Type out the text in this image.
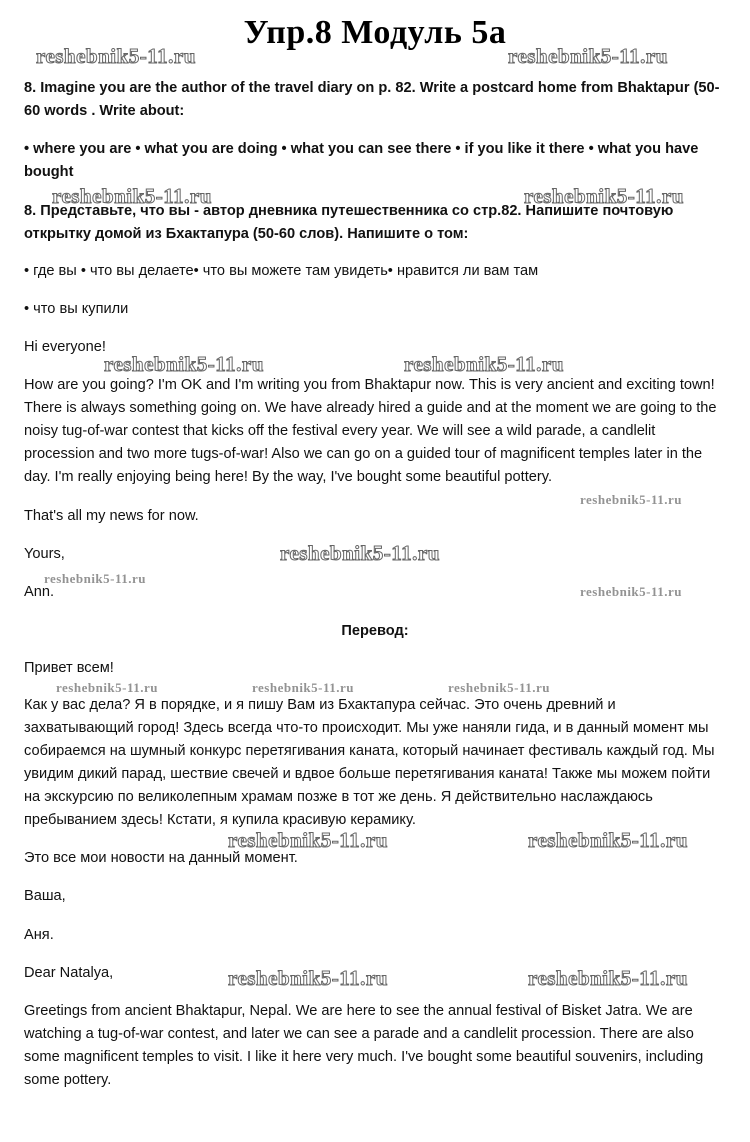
Упр.8 Модуль 5а
reshebnik5-11.ru	reshebnik5-11.ru
reshebnik5-11.ru	reshebnik5-11.ru
reshebnik5-11.ru	reshebnik5-11.ru
reshebnik5-11.ru
reshebnik5-11.ru
reshebnik5-11.ru
reshebnik5-11.ru
reshebnik5-11.ru	reshebnik5-11.ru	reshebnik5-11.ru
reshebnik5-11.ru	reshebnik5-11.ru
reshebnik5-11.ru	reshebnik5-11.ru

8. Imagine you are the author of the travel diary on p. 82. Write a postcard home from Bhaktapur (50-60 words . Write about:

• where you are • what you are doing • what you can see there • if you like it there • what you have bought

8. Представьте, что вы - автор дневника путешественника со стр.82. Напишите почтовую открытку домой из Бхактапура (50-60 слов). Напишите о том:

• где вы • что вы делаете• что вы можете там увидеть• нравится ли вам там

• что вы купили

Hi everyone!

How are you going? I'm OK and I'm writing you from Bhaktapur now. This is very ancient and exciting town! There is always something going on. We have already hired a guide and at the moment we are going to the noisy tug-of-war contest that kicks off the festival every year. We will see a wild parade, a candlelit procession and two more tugs-of-war! Also we can go on a guided tour of magnificent temples later in the day. I'm really enjoying being here! By the way, I've bought some beautiful pottery.

That's all my news for now.

Yours,

Ann.

Перевод:

Привет всем!

Как у вас дела? Я в порядке, и я пишу Вам из Бхактапура сейчас. Это очень древний и захватывающий город! Здесь всегда что-то происходит. Мы уже наняли гида, и в данный момент мы собираемся на шумный конкурс перетягивания каната, который начинает фестиваль каждый год. Мы увидим дикий парад, шествие свечей и вдвое больше перетягивания каната! Также мы можем пойти на экскурсию по великолепным храмам позже в тот же день. Я действительно наслаждаюсь пребыванием здесь! Кстати, я купила красивую керамику.

Это все мои новости на данный момент.

Ваша,

Аня.

Dear Natalya,

Greetings from ancient Bhaktapur, Nepal. We are here to see the annual festival of Bisket Jatra. We are watching a tug-of-war contest, and later we can see a parade and a candlelit procession. There are also some magnificent temples to visit. I like it here very much. I've bought some beautiful souvenirs, including some pottery.
